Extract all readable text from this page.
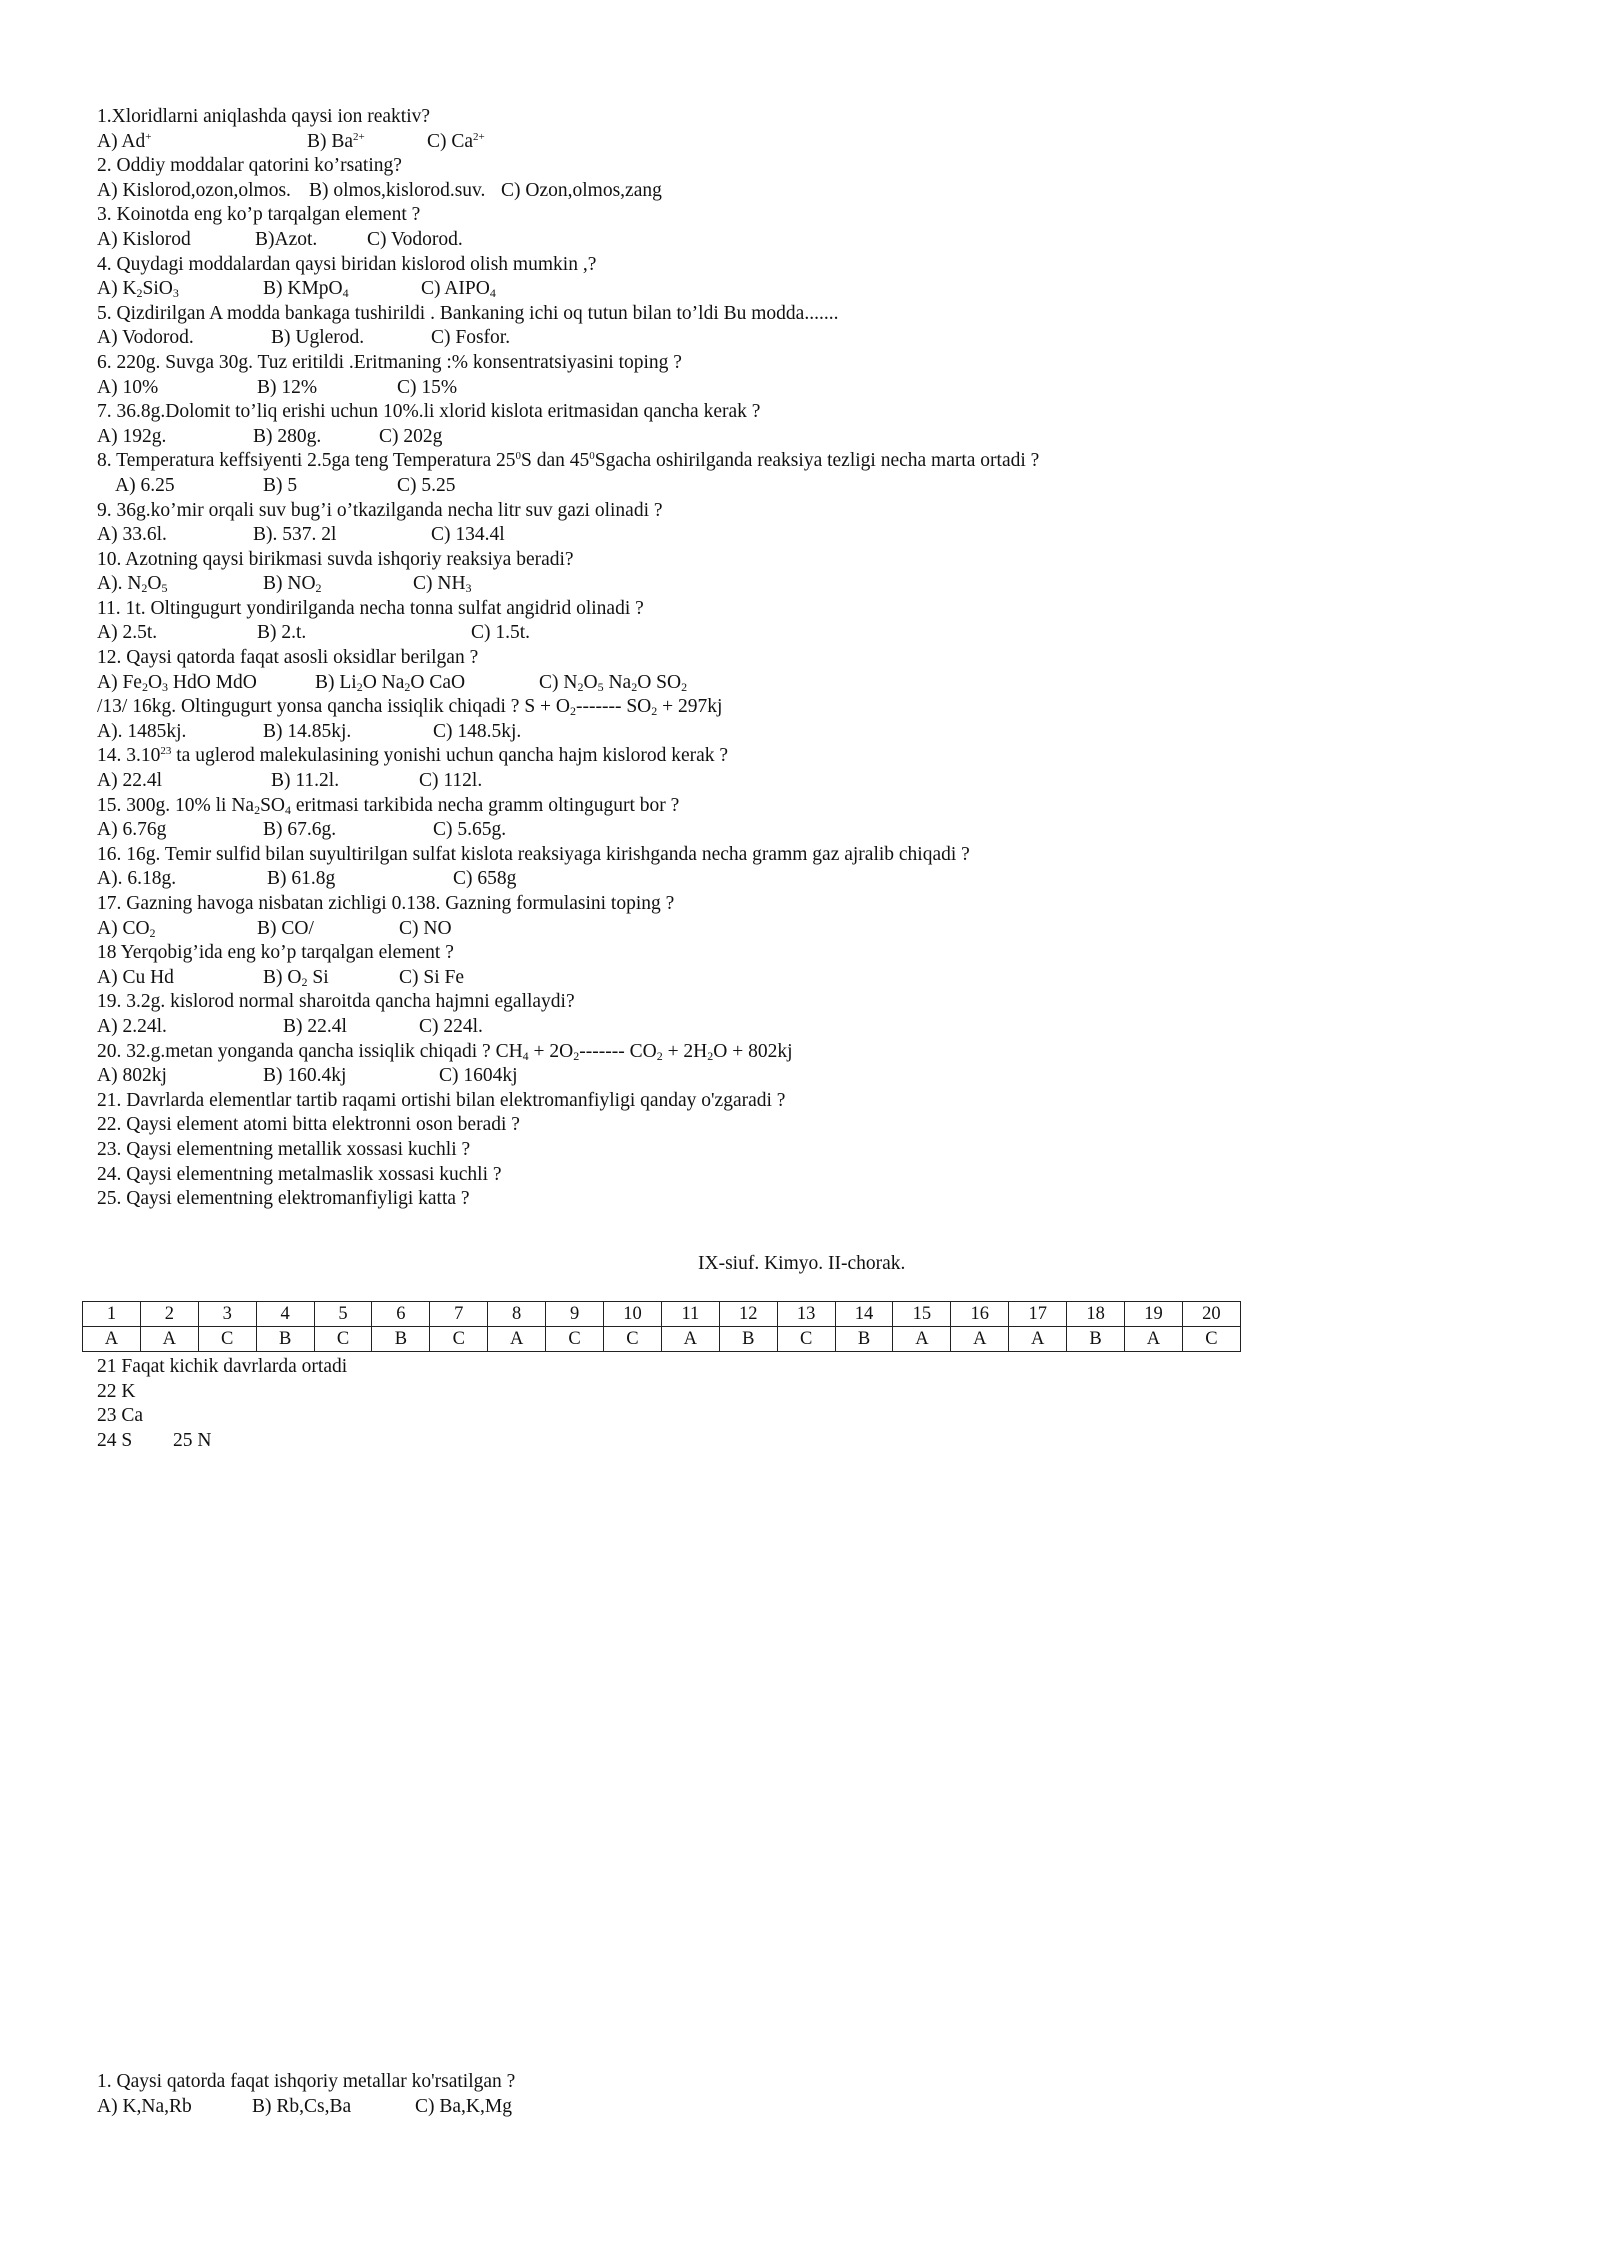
1.Xloridlarni aniqlashda qaysi ion reaktiv?
A) Ad+	B) $Ba^{2+}$	C) $Ca^{2+}$
2. Oddiy moddalar qatorini ko’rsating?
A) Kislorod,ozon,olmos. B) olmos,kislorod.suv. C) Ozon,olmos,zang
3. Koinotda eng ko’p tarqalgan element ?
A) Kislorod	B)Azot.	C) Vodorod.
4. Quydagi moddalardan qaysi biridan kislorod olish mumkin ,?
A) $K_2SiO_3$	B) KMpO$_4$	C) $AIPO_4$
5. Qizdirilgan A modda bankaga tushirildi . Bankaning ichi oq tutun bilan to’ldi Bu modda.......
A) Vodorod.	B) Uglerod.	C) Fosfor.
6. 220g. Suvga 30g. Tuz eritildi .Eritmaning :% konsentratsiyasini toping ?
A) 10%	B) 12%	C) 15%
7. 36.8g.Dolomit to’liq erishi uchun 10%.li xlorid kislota eritmasidan qancha kerak ?
A) 192g.	B) 280g.	C) 202g
8. Temperatura keffsiyenti 2.5ga teng Temperatura $25^0S$ dan $45^0Sgacha$ oshirilganda reaksiya tezligi necha marta ortadi ?
A) 6.25	B) 5	C) 5.25
9. 36g.ko’mir orqali suv bug’i o’tkazilganda necha litr suv gazi olinadi ?
A) 33.6l.	B). 537. 2l	C) 134.4l
10. Azotning qaysi birikmasi suvda ishqoriy reaksiya beradi?
A). $N_2O_5$	B) $NO_2$	C) $NH_3$
11. 1t. Oltingugurt yondirilganda necha tonna sulfat angidrid olinadi ?
A) 2.5t.	B) 2.t.	C) 1.5t.
12. Qaysi qatorda faqat asosli oksidlar berilgan ?
A) $Fe_2O_3$ HdO MdO	B) $Li_2O$ $Na_2O$ CaO	C) $N_2O_5$ $Na_2O$ $SO_2$
/13/ 16kg. Oltingugurt yonsa qancha issiqlik chiqadi ? $S + O_2-------$ $SO_2 + 297kj$
A). 1485kj.	B) 14.85kj.	C) 148.5kj.
14. 3.10$^{23}$ ta uglerod malekulasining yonishi uchun qancha hajm kislorod kerak ?
A) 22.4l	B) 11.2l.	C) 112l.
15. 300g. 10% li $Na_2SO_4$ eritmasi tarkibida necha gramm oltingugurt bor ?
A) 6.76g	B) 67.6g.	C) 5.65g.
16. 16g. Temir sulfid bilan suyultirilgan sulfat kislota reaksiyaga kirishganda necha gramm gaz ajralib chiqadi ?
A). 6.18g.	B) 61.8g	C) 658g
17. Gazning havoga nisbatan zichligi 0.138. Gazning formulasini toping ?
A) $CO_2$	B) CO/	C) NO
18 Yerqobig’ida eng ko’p tarqalgan element ?
A) Cu Hd	B) $O_2$ Si	C) Si Fe
19. 3.2g. kislorod normal sharoitda qancha hajmni egallaydi?
A) 2.24l.	B) 22.4l	C) 224l.
20. 32.g.metan yonganda qancha issiqlik chiqadi ? $CH_4 + 2O_2-------$ $CO_2 + 2H_2O + 802kj$
A) 802kj	B) 160.4kj	C) 1604kj
21. Davrlarda elementlar tartib raqami ortishi bilan elektromanfiyligi qanday o'zgaradi ?
22. Qaysi element atomi bitta elektronni oson beradi ?
23. Qaysi elementning metallik xossasi kuchli ?
24. Qaysi elementning metalmaslik xossasi kuchli ?
25. Qaysi elementning elektromanfiyligi katta ?
IX-siuf. Kimyo. II-chorak.
1	2	3	4	5	6	7	8	9	10	11	12	13	14	15	16	17	18	19	20
A	A	C	B	C	B	C	A	C	C	A	B	C	B	A	A	A	B	A	C
21 Faqat kichik davrlarda ortadi
22 K
23 Ca
24 S 25 N
1. Qaysi qatorda faqat ishqoriy metallar ko'rsatilgan ?
A) K,Na,Rb	B) Rb,Cs,Ba	C) Ba,K,Mg
